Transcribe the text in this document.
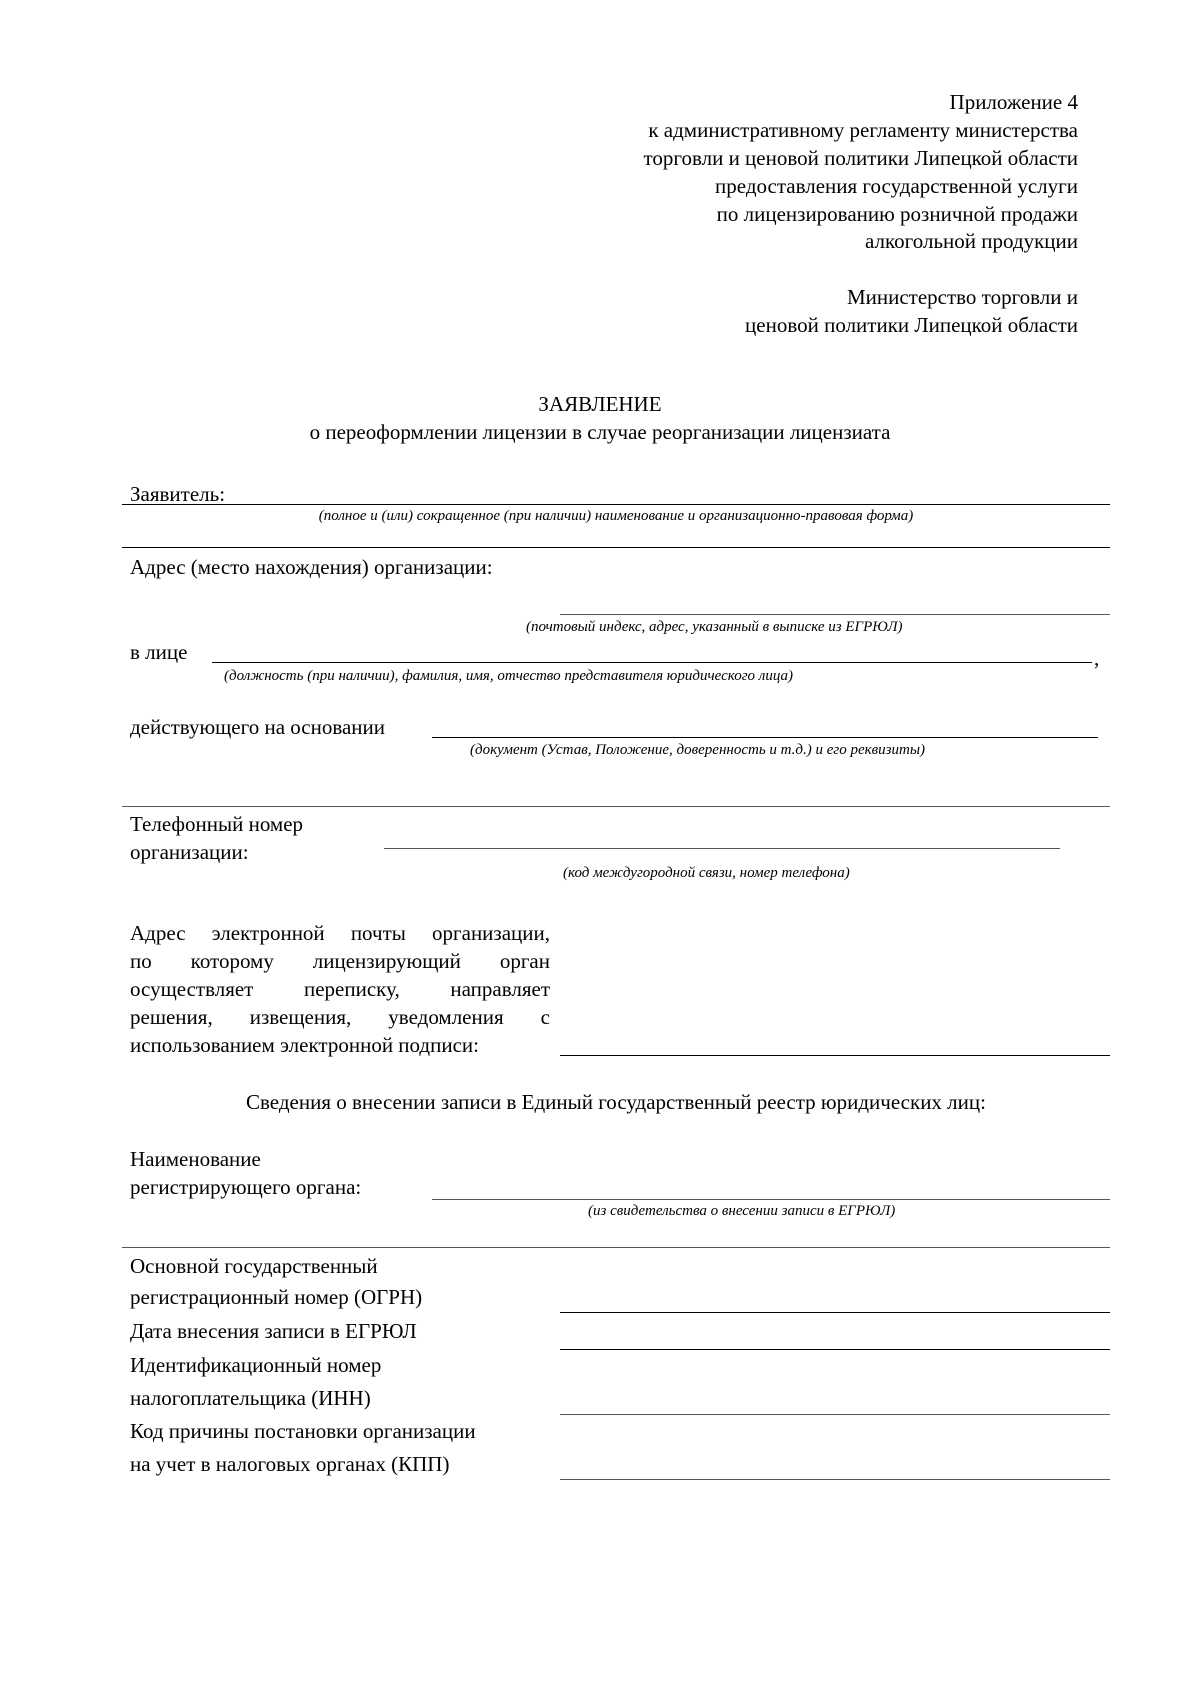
Приложение 4
к административному регламенту министерства
торговли и ценовой политики Липецкой области
предоставления государственной услуги
по лицензированию розничной продажи
алкогольной продукции
Министерство торговли и
ценовой политики Липецкой области
ЗАЯВЛЕНИЕ
о переоформлении лицензии в случае реорганизации лицензиата
Заявитель:
(полное и (или) сокращенное (при наличии) наименование и организационно-правовая форма)
Адрес (место нахождения) организации:
(почтовый индекс, адрес, указанный в выписке из ЕГРЮЛ)
в лице	,
(должность (при наличии), фамилия, имя, отчество представителя юридического лица)
действующего на основании
(документ (Устав, Положение, доверенность и т.д.) и его реквизиты)
Телефонный номер
организации:
(код междугородной связи, номер телефона)
Адрес электронной почты организации,
по которому лицензирующий орган
осуществляет переписку, направляет
решения, извещения, уведомления с
использованием электронной подписи:
Сведения о внесении записи в Единый государственный реестр юридических лиц:
Наименование
регистрирующего органа:
(из свидетельства о внесении записи в ЕГРЮЛ)
Основной государственный
регистрационный номер (ОГРН)
Дата внесения записи в ЕГРЮЛ
Идентификационный номер
налогоплательщика (ИНН)
Код причины постановки организации
на учет в налоговых органах (КПП)
